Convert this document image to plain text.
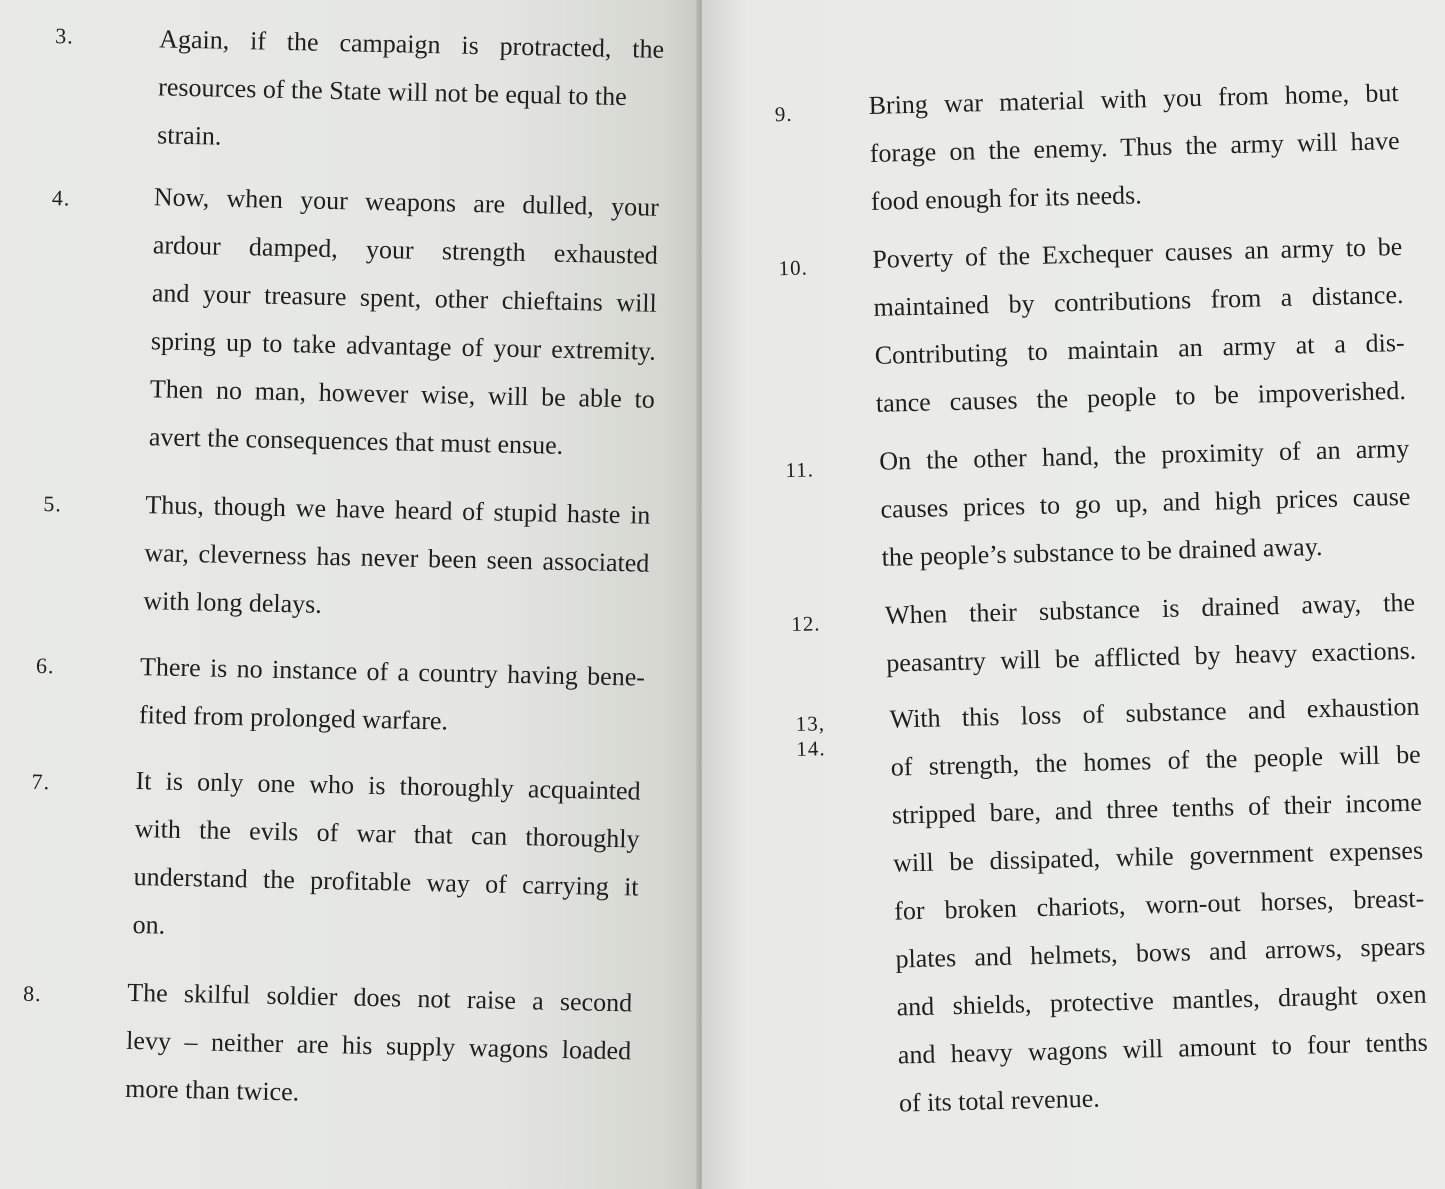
3.	Again, if the campaign is protracted, the
resources of the State will not be equal to the
strain.
4.	Now, when your weapons are dulled, your
ardour damped, your strength exhausted
and your treasure spent, other chieftains will
spring up to take advantage of your extremity.
Then no man, however wise, will be able to
avert the consequences that must ensue.
5.	Thus, though we have heard of stupid haste in
war, cleverness has never been seen associated
with long delays.
6.	There is no instance of a country having bene-
fited from prolonged warfare.
7.	It is only one who is thoroughly acquainted
with the evils of war that can thoroughly
understand the profitable way of carrying it
on.
8.	The skilful soldier does not raise a second
levy – neither are his supply wagons loaded
more than twice.
9.	Bring war material with you from home, but
forage on the enemy. Thus the army will have
food enough for its needs.
10. Poverty of the Exchequer causes an army to be
maintained by contributions from a distance.
Contributing to maintain an army at a dis-
tance causes the people to be impoverished.
11. On the other hand, the proximity of an army
causes prices to go up, and high prices cause
the people’s substance to be drained away.
12. When their substance is drained away, the
peasantry will be afflicted by heavy exactions.
13, 14.
With this loss of substance and exhaustion
of strength, the homes of the people will be
stripped bare, and three tenths of their income
will be dissipated, while government expenses
for broken chariots, worn-out horses, breast-
plates and helmets, bows and arrows, spears
and shields, protective mantles, draught oxen
and heavy wagons will amount to four tenths
of its total revenue.
